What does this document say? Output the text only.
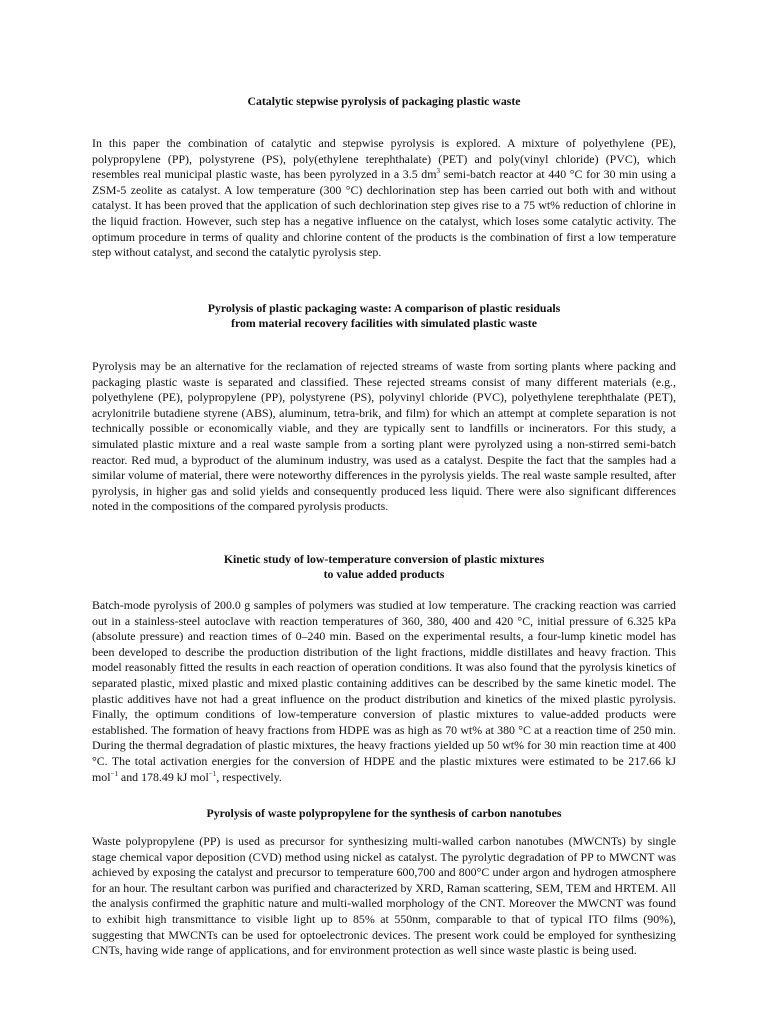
Catalytic stepwise pyrolysis of packaging plastic waste

In this paper the combination of catalytic and stepwise pyrolysis is explored. A mixture of polyethylene (PE), polypropylene (PP), polystyrene (PS), poly(ethylene terephthalate) (PET) and poly(vinyl chloride) (PVC), which resembles real municipal plastic waste, has been pyrolyzed in a 3.5 $dm^3$ semi-batch reactor at 440 °C for 30 min using a ZSM-5 zeolite as catalyst. A low temperature (300 °C) dechlorination step has been carried out both with and without catalyst. It has been proved that the application of such dechlorination step gives rise to a 75 wt% reduction of chlorine in the liquid fraction. However, such step has a negative influence on the catalyst, which loses some catalytic activity. The optimum procedure in terms of quality and chlorine content of the products is the combination of first a low temperature step without catalyst, and second the catalytic pyrolysis step.

Pyrolysis of plastic packaging waste: A comparison of plastic residuals
from material recovery facilities with simulated plastic waste

Pyrolysis may be an alternative for the reclamation of rejected streams of waste from sorting plants where packing and packaging plastic waste is separated and classified. These rejected streams consist of many different materials (e.g., polyethylene (PE), polypropylene (PP), polystyrene (PS), polyvinyl chloride (PVC), polyethylene terephthalate (PET), acrylonitrile butadiene styrene (ABS), aluminum, tetra-brik, and film) for which an attempt at complete separation is not technically possible or economically viable, and they are typically sent to landfills or incinerators. For this study, a simulated plastic mixture and a real waste sample from a sorting plant were pyrolyzed using a non-stirred semi-batch reactor. Red mud, a byproduct of the aluminum industry, was used as a catalyst. Despite the fact that the samples had a similar volume of material, there were noteworthy differences in the pyrolysis yields. The real waste sample resulted, after pyrolysis, in higher gas and solid yields and consequently produced less liquid. There were also significant differences noted in the compositions of the compared pyrolysis products.

Kinetic study of low-temperature conversion of plastic mixtures
to value added products

Batch-mode pyrolysis of 200.0 g samples of polymers was studied at low temperature. The cracking reaction was carried out in a stainless-steel autoclave with reaction temperatures of 360, 380, 400 and 420 °C, initial pressure of 6.325 kPa (absolute pressure) and reaction times of 0–240 min. Based on the experimental results, a four-lump kinetic model has been developed to describe the production distribution of the light fractions, middle distillates and heavy fraction. This model reasonably fitted the results in each reaction of operation conditions. It was also found that the pyrolysis kinetics of separated plastic, mixed plastic and mixed plastic containing additives can be described by the same kinetic model. The plastic additives have not had a great influence on the product distribution and kinetics of the mixed plastic pyrolysis. Finally, the optimum conditions of low-temperature conversion of plastic mixtures to value-added products were established. The formation of heavy fractions from HDPE was as high as 70 wt% at 380 °C at a reaction time of 250 min. During the thermal degradation of plastic mixtures, the heavy fractions yielded up 50 wt% for 30 min reaction time at 400 °C. The total activation energies for the conversion of HDPE and the plastic mixtures were estimated to be 217.66 kJ mol$^{-1}$ and 178.49 kJ mol$^{-1}$, respectively.

Pyrolysis of waste polypropylene for the synthesis of carbon nanotubes

Waste polypropylene (PP) is used as precursor for synthesizing multi-walled carbon nanotubes (MWCNTs) by single stage chemical vapor deposition (CVD) method using nickel as catalyst. The pyrolytic degradation of PP to MWCNT was achieved by exposing the catalyst and precursor to temperature 600,700 and 800°C under argon and hydrogen atmosphere for an hour. The resultant carbon was purified and characterized by XRD, Raman scattering, SEM, TEM and HRTEM. All the analysis confirmed the graphitic nature and multi-walled morphology of the CNT. Moreover the MWCNT was found to exhibit high transmittance to visible light up to 85% at 550nm, comparable to that of typical ITO films (90%), suggesting that MWCNTs can be used for optoelectronic devices. The present work could be employed for synthesizing CNTs, having wide range of applications, and for environment protection as well since waste plastic is being used.
